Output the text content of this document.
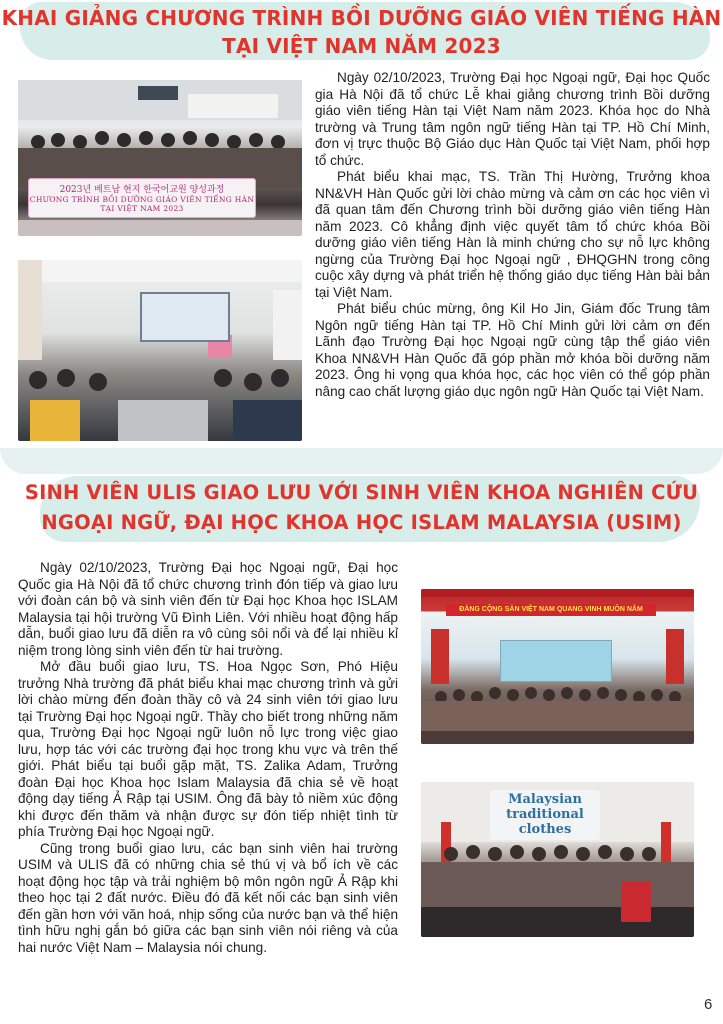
KHAI GIẢNG CHƯƠNG TRÌNH BỒI DƯỠNG GIÁO VIÊN TIẾNG HÀN
TẠI VIỆT NAM NĂM 2023
2023년 베트남 현지 한국어교원 양성과정
CHƯƠNG TRÌNH BỒI DƯỠNG GIÁO VIÊN TIẾNG HÀN
TẠI VIỆT NAM 2023

Ngày 02/10/2023, Trường Đại học Ngoại ngữ, Đại học Quốc gia Hà Nội đã tổ chức Lễ khai giảng chương trình Bồi dưỡng giáo viên tiếng Hàn tại Việt Nam năm 2023. Khóa học do Nhà trường và Trung tâm ngôn ngữ tiếng Hàn tại TP. Hồ Chí Minh, đơn vị trực thuộc Bộ Giáo dục Hàn Quốc tại Việt Nam, phối hợp tổ chức.

Phát biểu khai mạc, TS. Trần Thị Hường, Trưởng khoa NN&VH Hàn Quốc gửi lời chào mừng và cảm ơn các học viên vì đã quan tâm đến Chương trình bồi dưỡng giáo viên tiếng Hàn năm 2023. Cô khẳng định việc quyết tâm tổ chức khóa Bồi dưỡng giáo viên tiếng Hàn là minh chứng cho sự nỗ lực không ngừng của Trường Đại học Ngoại ngữ , ĐHQGHN trong công cuộc xây dựng và phát triển hệ thống giáo dục tiếng Hàn bài bản tại Việt Nam.

Phát biểu chúc mừng, ông Kil Ho Jin, Giám đốc Trung tâm Ngôn ngữ tiếng Hàn tại TP. Hồ Chí Minh gửi lời cảm ơn đến Lãnh đạo Trường Đại học Ngoại ngữ cùng tập thể giáo viên Khoa NN&VH Hàn Quốc đã góp phần mở khóa bồi dưỡng năm 2023. Ông hi vọng qua khóa học, các học viên có thể góp phần nâng cao chất lượng giáo dục ngôn ngữ Hàn Quốc tại Việt Nam.

SINH VIÊN ULIS GIAO LƯU VỚI SINH VIÊN KHOA NGHIÊN CỨU
NGOẠI NGỮ, ĐẠI HỌC KHOA HỌC ISLAM MALAYSIA (USIM)

Ngày 02/10/2023, Trường Đại học Ngoại ngữ, Đại học Quốc gia Hà Nội đã tổ chức chương trình đón tiếp và giao lưu với đoàn cán bộ và sinh viên đến từ Đại học Khoa học ISLAM Malaysia tại hội trường Vũ Đình Liên. Với nhiều hoạt động hấp dẫn, buổi giao lưu đã diễn ra vô cùng sôi nổi và để lại nhiều kỉ niệm trong lòng sinh viên đến từ hai trường.

Mở đầu buổi giao lưu, TS. Hoa Ngọc Sơn, Phó Hiệu trưởng Nhà trường đã phát biểu khai mạc chương trình và gửi lời chào mừng đến đoàn thầy cô và 24 sinh viên tới giao lưu tại Trường Đại học Ngoại ngữ. Thầy cho biết trong những năm qua, Trường Đại học Ngoại ngữ luôn nỗ lực trong việc giao lưu, hợp tác với các trường đại học trong khu vực và trên thế giới. Phát biểu tại buổi gặp mặt, TS. Zalika Adam, Trưởng đoàn Đại học Khoa học Islam Malaysia đã chia sẻ về hoạt động dạy tiếng Ả Rập tại USIM. Ông đã bày tỏ niềm xúc động khi được đến thăm và nhận được sự đón tiếp nhiệt tình từ phía Trường Đại học Ngoại ngữ.

Cũng trong buổi giao lưu, các bạn sinh viên hai trường USIM và ULIS đã có những chia sẻ thú vị và bổ ích về các hoạt động học tập và trải nghiệm bộ môn ngôn ngữ Ả Rập khi theo học tại 2 đất nước. Điều đó đã kết nối các bạn sinh viên đến gần hơn với văn hoá, nhịp sống của nước bạn và thể hiện tình hữu nghị gắn bó giữa các bạn sinh viên nói riêng và của hai nước Việt Nam – Malaysia nói chung.

ĐẢNG CỘNG SẢN VIỆT NAM QUANG VINH MUÔN NĂM
Malaysian traditional clothes

6
